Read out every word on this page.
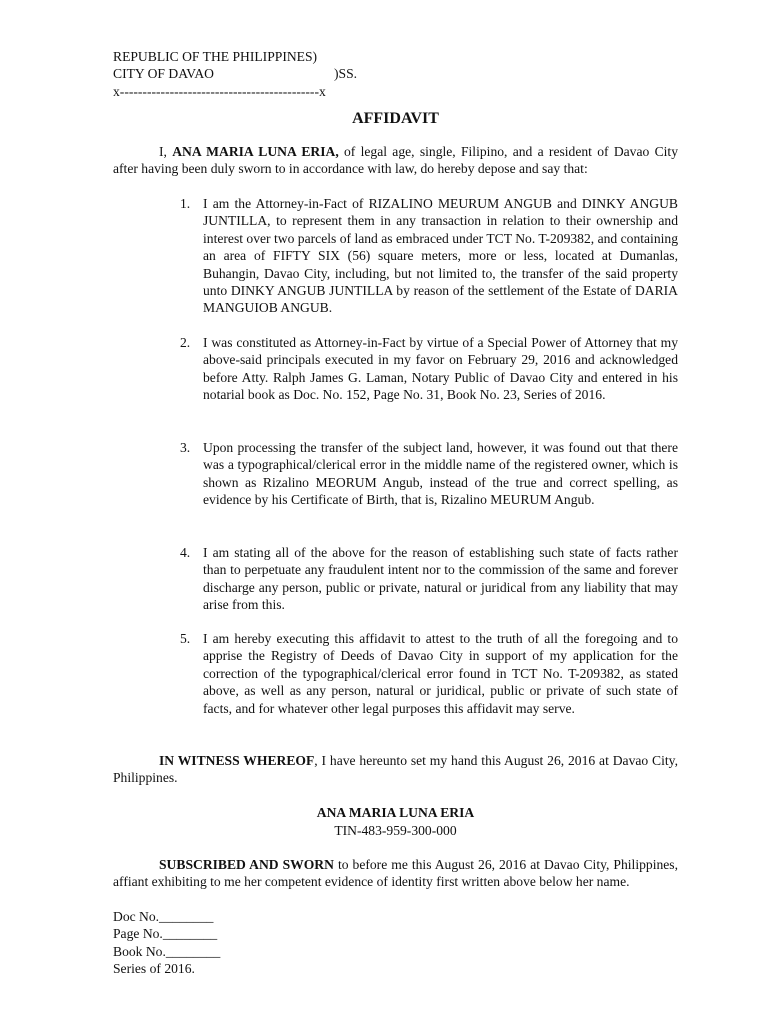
REPUBLIC OF THE PHILIPPINES)
CITY OF DAVAO	)SS.
x--------------------------------------------x
AFFIDAVIT
I, ANA MARIA LUNA ERIA, of legal age, single, Filipino, and a resident of Davao City after having been duly sworn to in accordance with law, do hereby depose and say that:
1. I am the Attorney-in-Fact of RIZALINO MEURUM ANGUB and DINKY ANGUB JUNTILLA, to represent them in any transaction in relation to their ownership and interest over two parcels of land as embraced under TCT No. T-209382, and containing an area of FIFTY SIX (56) square meters, more or less, located at Dumanlas, Buhangin, Davao City, including, but not limited to, the transfer of the said property unto DINKY ANGUB JUNTILLA by reason of the settlement of the Estate of DARIA MANGUIOB ANGUB.
2. I was constituted as Attorney-in-Fact by virtue of a Special Power of Attorney that my above-said principals executed in my favor on February 29, 2016 and acknowledged before Atty. Ralph James G. Laman, Notary Public of Davao City and entered in his notarial book as Doc. No. 152, Page No. 31, Book No. 23, Series of 2016.
3. Upon processing the transfer of the subject land, however, it was found out that there was a typographical/clerical error in the middle name of the registered owner, which is shown as Rizalino MEORUM Angub, instead of the true and correct spelling, as evidence by his Certificate of Birth, that is, Rizalino MEURUM Angub.
4. I am stating all of the above for the reason of establishing such state of facts rather than to perpetuate any fraudulent intent nor to the commission of the same and forever discharge any person, public or private, natural or juridical from any liability that may arise from this.
5. I am hereby executing this affidavit to attest to the truth of all the foregoing and to apprise the Registry of Deeds of Davao City in support of my application for the correction of the typographical/clerical error found in TCT No. T-209382, as stated above, as well as any person, natural or juridical, public or private of such state of facts, and for whatever other legal purposes this affidavit may serve.
IN WITNESS WHEREOF, I have hereunto set my hand this August 26, 2016 at Davao City, Philippines.
ANA MARIA LUNA ERIA
TIN-483-959-300-000
SUBSCRIBED AND SWORN to before me this August 26, 2016 at Davao City, Philippines, affiant exhibiting to me her competent evidence of identity first written above below her name.
Doc No.________
Page No.________
Book No.________
Series of 2016.
